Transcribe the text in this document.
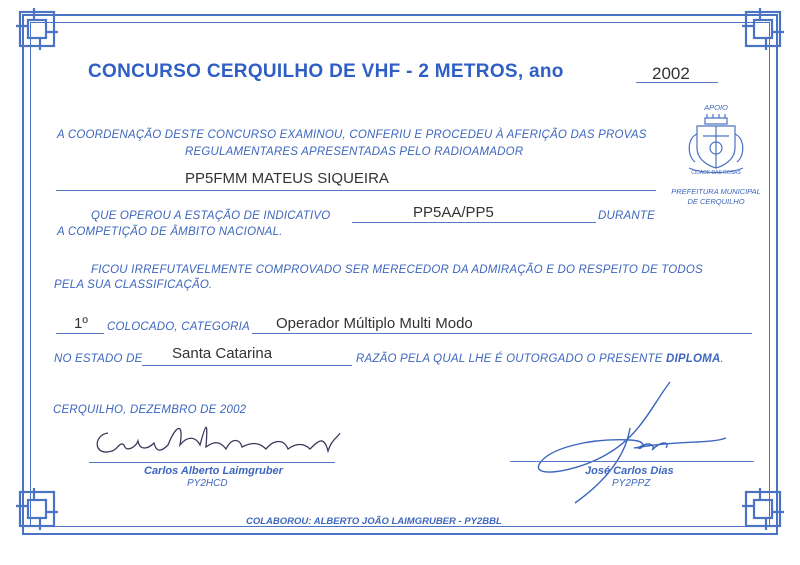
CONCURSO CERQUILHO DE VHF - 2 METROS, ano	2002
A COORDENAÇÃO DESTE CONCURSO EXAMINOU, CONFERIU E PROCEDEU À AFERIÇÃO DAS PROVAS
REGULAMENTARES APRESENTADAS PELO RADIOAMADOR
PP5FMM MATEUS SIQUEIRA
QUE OPEROU A ESTAÇÃO DE INDICATIVO	PP5AA/PP5	DURANTE
A COMPETIÇÃO DE ÂMBITO NACIONAL.
FICOU IRREFUTAVELMENTE COMPROVADO SER MERECEDOR DA ADMIRAÇÃO E DO RESPEITO DE TODOS
PELA SUA CLASSIFICAÇÃO.
1º COLOCADO, CATEGORIA Operador Múltiplo Multi Modo
NO ESTADO DE Santa Catarina	RAZÃO PELA QUAL LHE É OUTORGADO O PRESENTE DIPLOMA.
CERQUILHO, DEZEMBRO DE 2002
Carlos Alberto Laimgruber
PY2HCD
José Carlos Dias
PY2PPZ
APOIO
CIDADE DAS ROSAS
PREFEITURA MUNICIPAL
DE CERQUILHO
COLABOROU: ALBERTO JOÃO LAIMGRUBER - PY2BBL
